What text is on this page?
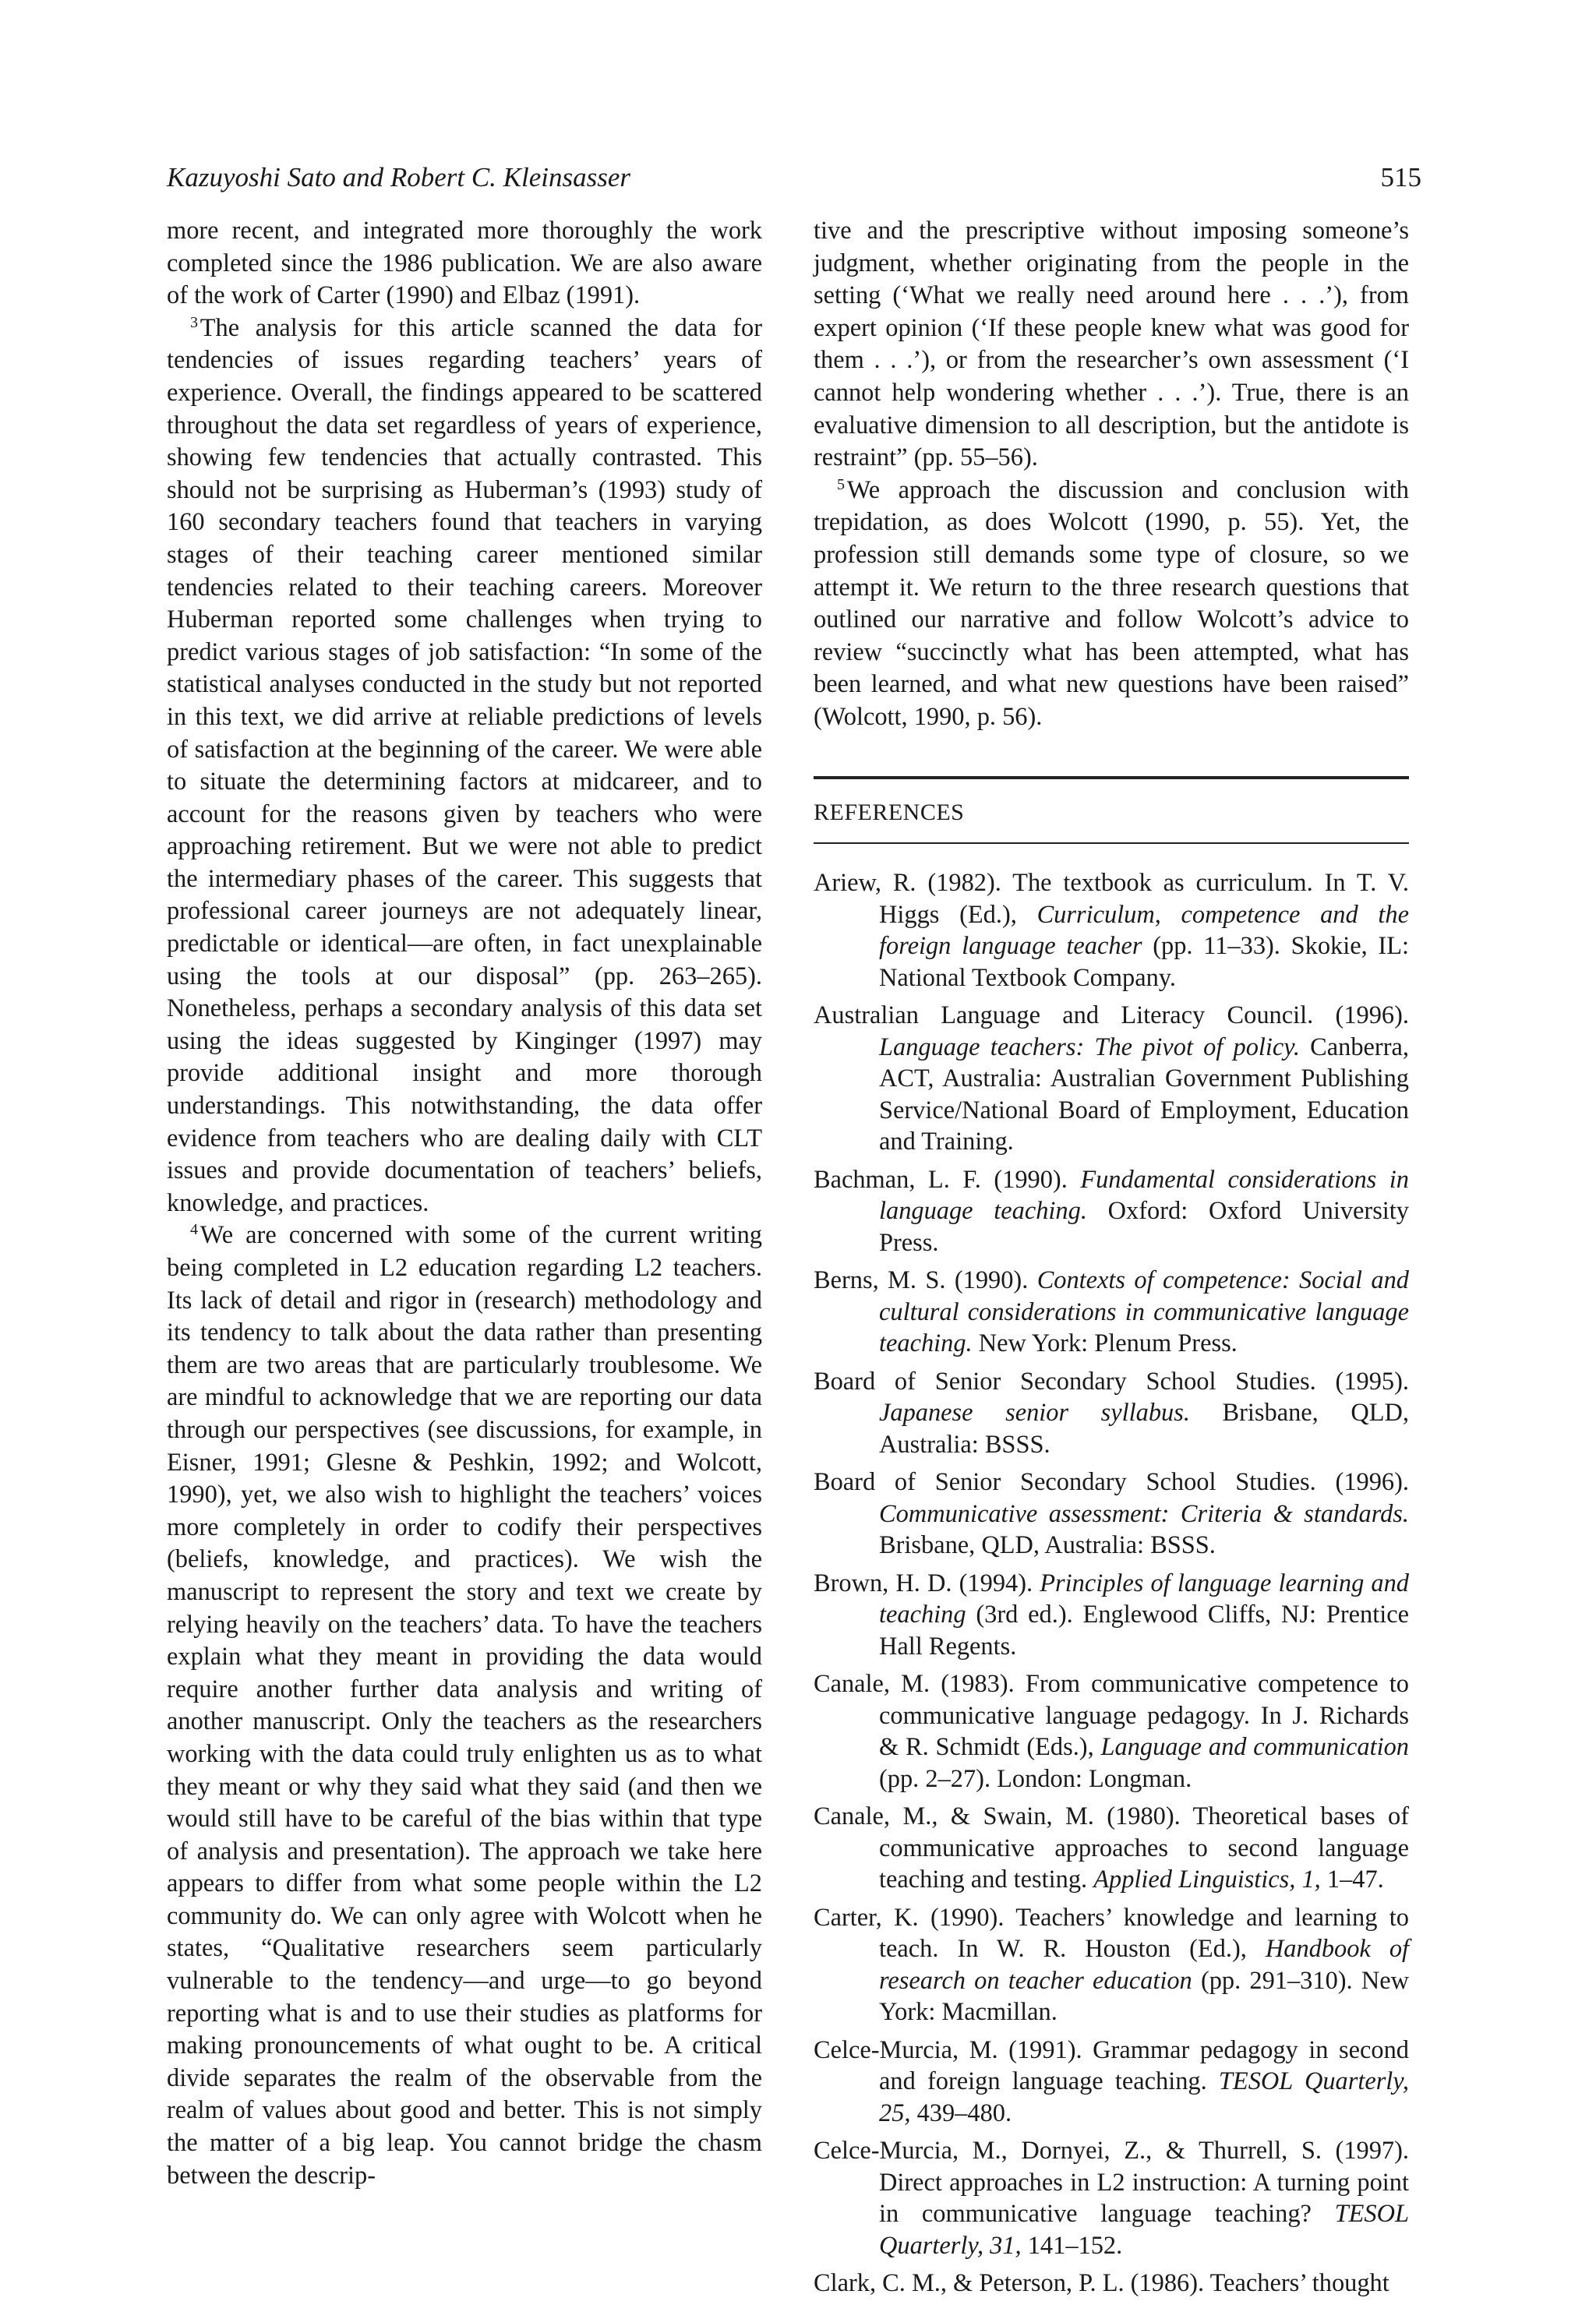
Kazuyoshi Sato and Robert C. Kleinsasser	515

more recent, and integrated more thoroughly the work completed since the 1986 publication. We are also aware of the work of Carter (1990) and Elbaz (1991).

$^3$ The analysis for this article scanned the data for tendencies of issues regarding teachers’ years of experience. Overall, the findings appeared to be scattered throughout the data set regardless of years of experience, showing few tendencies that actually contrasted. This should not be surprising as Huberman’s (1993) study of 160 secondary teachers found that teachers in varying stages of their teaching career mentioned similar tendencies related to their teaching careers. Moreover Huberman reported some challenges when trying to predict various stages of job satisfaction: “In some of the statistical analyses conducted in the study but not reported in this text, we did arrive at reliable predictions of levels of satisfaction at the beginning of the career. We were able to situate the determining factors at midcareer, and to account for the reasons given by teachers who were approaching retirement. But we were not able to predict the intermediary phases of the career. This suggests that professional career journeys are not adequately linear, predictable or identical—are often, in fact unexplainable using the tools at our disposal” (pp. 263–265). Nonetheless, perhaps a secondary analysis of this data set using the ideas suggested by Kinginger (1997) may provide additional insight and more thorough understandings. This notwithstanding, the data offer evidence from teachers who are dealing daily with CLT issues and provide documentation of teachers’ beliefs, knowledge, and practices.

$^4$ We are concerned with some of the current writing being completed in L2 education regarding L2 teachers. Its lack of detail and rigor in (research) methodology and its tendency to talk about the data rather than presenting them are two areas that are particularly troublesome. We are mindful to acknowledge that we are reporting our data through our perspectives (see discussions, for example, in Eisner, 1991; Glesne & Peshkin, 1992; and Wolcott, 1990), yet, we also wish to highlight the teachers’ voices more completely in order to codify their perspectives (beliefs, knowledge, and practices). We wish the manuscript to represent the story and text we create by relying heavily on the teachers’ data. To have the teachers explain what they meant in providing the data would require another further data analysis and writing of another manuscript. Only the teachers as the researchers working with the data could truly enlighten us as to what they meant or why they said what they said (and then we would still have to be careful of the bias within that type of analysis and presentation). The approach we take here appears to differ from what some people within the L2 community do. We can only agree with Wolcott when he states, “Qualitative researchers seem particularly vulnerable to the tendency—and urge—to go beyond reporting what is and to use their studies as platforms for making pronouncements of what ought to be. A critical divide separates the realm of the observable from the realm of values about good and better. This is not simply the matter of a big leap. You cannot bridge the chasm between the descrip-

tive and the prescriptive without imposing someone’s judgment, whether originating from the people in the setting (‘What we really need around here . . .’), from expert opinion (‘If these people knew what was good for them . . .’), or from the researcher’s own assessment (‘I cannot help wondering whether . . .’). True, there is an evaluative dimension to all description, but the antidote is restraint” (pp. 55–56).

$^5$ We approach the discussion and conclusion with trepidation, as does Wolcott (1990, p. 55). Yet, the profession still demands some type of closure, so we attempt it. We return to the three research questions that outlined our narrative and follow Wolcott’s advice to review “succinctly what has been attempted, what has been learned, and what new questions have been raised” (Wolcott, 1990, p. 56).

REFERENCES

Ariew, R. (1982). The textbook as curriculum. In T. V. Higgs (Ed.), Curriculum, competence and the foreign language teacher (pp. 11–33). Skokie, IL: National Textbook Company.

Australian Language and Literacy Council. (1996). Language teachers: The pivot of policy. Canberra, ACT, Australia: Australian Government Publishing Service/National Board of Employment, Education and Training.

Bachman, L. F. (1990). Fundamental considerations in language teaching. Oxford: Oxford University Press.

Berns, M. S. (1990). Contexts of competence: Social and cultural considerations in communicative language teaching. New York: Plenum Press.

Board of Senior Secondary School Studies. (1995). Japanese senior syllabus. Brisbane, QLD, Australia: BSSS.

Board of Senior Secondary School Studies. (1996). Communicative assessment: Criteria & standards. Brisbane, QLD, Australia: BSSS.

Brown, H. D. (1994). Principles of language learning and teaching (3rd ed.). Englewood Cliffs, NJ: Prentice Hall Regents.

Canale, M. (1983). From communicative competence to communicative language pedagogy. In J. Richards & R. Schmidt (Eds.), Language and communication (pp. 2–27). London: Longman.

Canale, M., & Swain, M. (1980). Theoretical bases of communicative approaches to second language teaching and testing. Applied Linguistics, 1, 1–47.

Carter, K. (1990). Teachers’ knowledge and learning to teach. In W. R. Houston (Ed.), Handbook of research on teacher education (pp. 291–310). New York: Macmillan.

Celce-Murcia, M. (1991). Grammar pedagogy in second and foreign language teaching. TESOL Quarterly, 25, 439–480.

Celce-Murcia, M., Dornyei, Z., & Thurrell, S. (1997). Direct approaches in L2 instruction: A turning point in communicative language teaching? TESOL Quarterly, 31, 141–152.

Clark, C. M., & Peterson, P. L. (1986). Teachers’ thought
